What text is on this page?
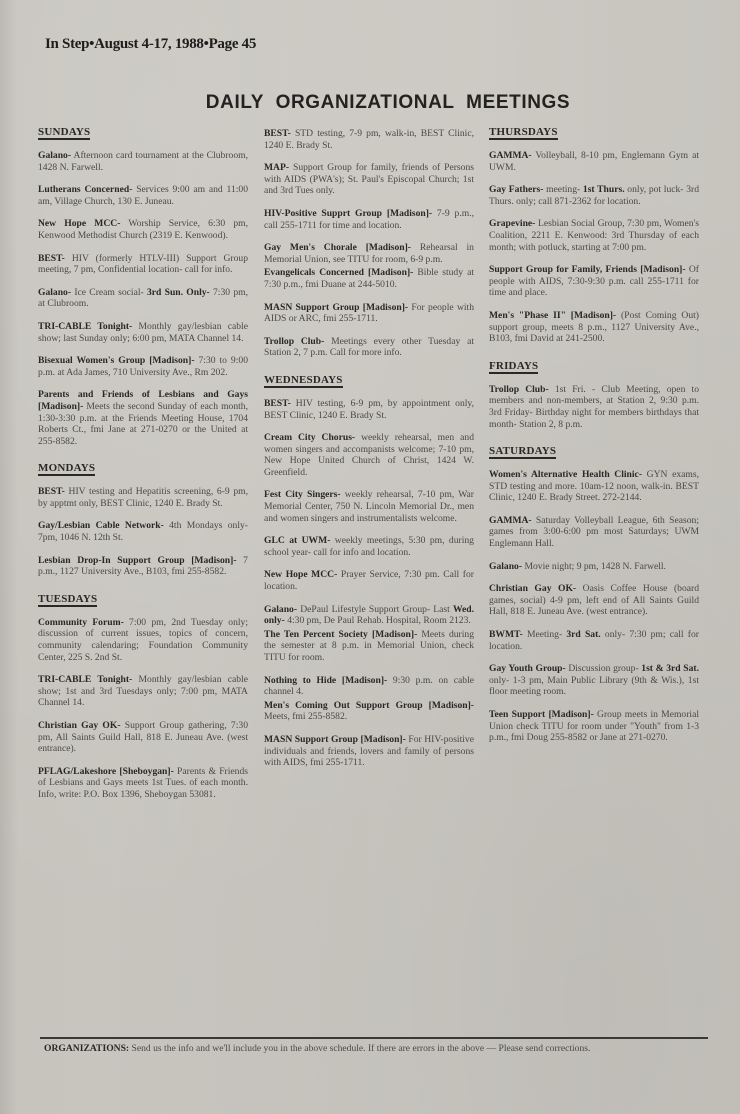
In Step•August 4-17, 1988•Page 45
DAILY ORGANIZATIONAL MEETINGS
SUNDAYS
Galano- Afternoon card tournament at the Clubroom, 1428 N. Farwell.
Lutherans Concerned- Services 9:00 am and 11:00 am, Village Church, 130 E. Juneau.
New Hope MCC- Worship Service, 6:30 pm, Kenwood Methodist Church (2319 E. Kenwood).
BEST- HIV (formerly HTLV-III) Support Group meeting, 7 pm, Confidential location- call for info.
Galano- Ice Cream social- 3rd Sun. Only- 7:30 pm, at Clubroom.
TRI-CABLE Tonight- Monthly gay/lesbian cable show; last Sunday only; 6:00 pm, MATA Channel 14.
Bisexual Women's Group [Madison]- 7:30 to 9:00 p.m. at Ada James, 710 University Ave., Rm 202.
Parents and Friends of Lesbians and Gays [Madison]- Meets the second Sunday of each month, 1:30-3:30 p.m. at the Friends Meeting House, 1704 Roberts Ct., fmi Jane at 271-0270 or the United at 255-8582.
MONDAYS
BEST- HIV testing and Hepatitis screening, 6-9 pm, by apptmt only, BEST Clinic, 1240 E. Brady St.
Gay/Lesbian Cable Network- 4th Mondays only- 7pm, 1046 N. 12th St.
Lesbian Drop-In Support Group [Madison]- 7 p.m., 1127 University Ave., B103, fmi 255-8582.
TUESDAYS
Community Forum- 7:00 pm, 2nd Tuesday only; discussion of current issues, topics of concern, community calendaring; Foundation Community Center, 225 S. 2nd St.
TRI-CABLE Tonight- Monthly gay/lesbian cable show; 1st and 3rd Tuesdays only; 7:00 pm, MATA Channel 14.
Christian Gay OK- Support Group gathering, 7:30 pm, All Saints Guild Hall, 818 E. Juneau Ave. (west entrance).
PFLAG/Lakeshore [Sheboygan]- Parents & Friends of Lesbians and Gays meets 1st Tues. of each month. Info, write: P.O. Box 1396, Sheboygan 53081.
BEST- STD testing, 7-9 pm, walk-in, BEST Clinic, 1240 E. Brady St.
MAP- Support Group for family, friends of Persons with AIDS (PWA's); St. Paul's Episcopal Church; 1st and 3rd Tues only.
HIV-Positive Supprt Group [Madison]- 7-9 p.m., call 255-1711 for time and location.
Gay Men's Chorale [Madison]- Rehearsal in Memorial Union, see TITU for room, 6-9 p.m.
Evangelicals Concerned [Madison]- Bible study at 7:30 p.m., fmi Duane at 244-5010.
MASN Support Group [Madison]- For people with AIDS or ARC, fmi 255-1711.
Trollop Club- Meetings every other Tuesday at Station 2, 7 p.m. Call for more info.
WEDNESDAYS
BEST- HIV testing, 6-9 pm, by appointment only, BEST Clinic, 1240 E. Brady St.
Cream City Chorus- weekly rehearsal, men and women singers and accompanists welcome; 7-10 pm, New Hope United Church of Christ, 1424 W. Greenfield.
Fest City Singers- weekly rehearsal, 7-10 pm, War Memorial Center, 750 N. Lincoln Memorial Dr., men and women singers and instrumentalists welcome.
GLC at UWM- weekly meetings, 5:30 pm, during school year- call for info and location.
New Hope MCC- Prayer Service, 7:30 pm. Call for location.
Galano- DePaul Lifestyle Support Group- Last Wed. only- 4:30 pm, De Paul Rehab. Hospital, Room 2123.
The Ten Percent Society [Madison]- Meets during the semester at 8 p.m. in Memorial Union, check TITU for room.
Nothing to Hide [Madison]- 9:30 p.m. on cable channel 4.
Men's Coming Out Support Group [Madison]- Meets, fmi 255-8582.
MASN Support Group [Madison]- For HIV-positive individuals and friends, lovers and family of persons with AIDS, fmi 255-1711.
THURSDAYS
GAMMA- Volleyball, 8-10 pm, Englemann Gym at UWM.
Gay Fathers- meeting- 1st Thurs. only, pot luck- 3rd Thurs. only; call 871-2362 for location.
Grapevine- Lesbian Social Group, 7:30 pm, Women's Coalition, 2211 E. Kenwood: 3rd Thursday of each month; with potluck, starting at 7:00 pm.
Support Group for Family, Friends [Madison]- Of people with AIDS, 7:30-9:30 p.m. call 255-1711 for time and place.
Men's "Phase II" [Madison]- (Post Coming Out) support group, meets 8 p.m., 1127 University Ave., B103, fmi David at 241-2500.
FRIDAYS
Trollop Club- 1st Fri. - Club Meeting, open to members and non-members, at Station 2, 9:30 p.m. 3rd Friday- Birthday night for members birthdays that month- Station 2, 8 p.m.
SATURDAYS
Women's Alternative Health Clinic- GYN exams, STD testing and more. 10am-12 noon, walk-in. BEST Clinic, 1240 E. Brady Street. 272-2144.
GAMMA- Saturday Volleyball League, 6th Season; games from 3:00-6:00 pm most Saturdays; UWM Englemann Hall.
Galano- Movie night; 9 pm, 1428 N. Farwell.
Christian Gay OK- Oasis Coffee House (board games, social) 4-9 pm, left end of All Saints Guild Hall, 818 E. Juneau Ave. (west entrance).
BWMT- Meeting- 3rd Sat. only- 7:30 pm; call for location.
Gay Youth Group- Discussion group- 1st & 3rd Sat. only- 1-3 pm, Main Public Library (9th & Wis.), 1st floor meeting room.
Teen Support [Madison]- Group meets in Memorial Union check TITU for room under "Youth" from 1-3 p.m., fmi Doug 255-8582 or Jane at 271-0270.
ORGANIZATIONS: Send us the info and we'll include you in the above schedule. If there are errors in the above — Please send corrections.
